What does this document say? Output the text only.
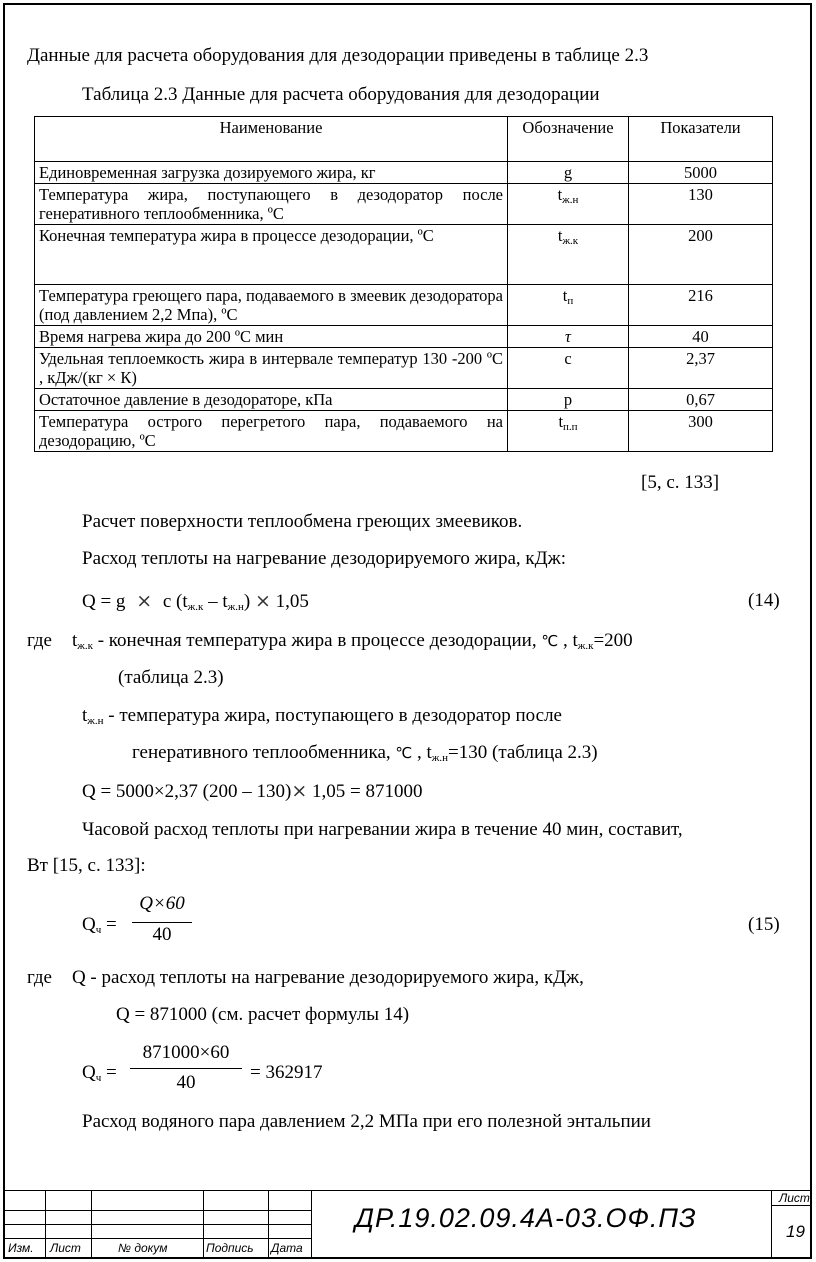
Данные для расчета оборудования для дезодорации приведены в таблице 2.3
Таблица 2.3 Данные для расчета оборудования для дезодорации
Наименование	Обозначение	Показатели
Единовременная загрузка дозируемого жира, кг	g	5000
Температура жира, поступающего в дезодоратор после генеративного теплообменника, ºС	$t_{ж.н}$	130
Конечная температура жира в процессе дезодорации, ºС	$t_{ж.к}$	200
Температура греющего пара, подаваемого в змеевик дезодоратора (под давлением 2,2 Мпа), ºС	$t_п$	216
Время нагрева жира до 200 ºС мин	τ	40
Удельная теплоемкость жира в интервале температур 130 -200 ºС , кДж/(кг × К)	c	2,37
Остаточное давление в дезодораторе, кПа	p	0,67
Температура острого перегретого пара, подаваемого на дезодорацию, ºС	$t_{п.п}$	300
[5, с. 133]
Расчет поверхности теплообмена греющих змеевиков.
Расход теплоты на нагревание дезодорируемого жира, кДж:
Q = g × c $(t_{ж.к} - t_{ж.н}) \times 1,05$	(14)
где $t_{ж.к}$ - конечная температура жира в процессе дезодорации, ℃ , $t_{ж.к}=200$
(таблица 2.3)
$t_{ж.н}$ - температура жира, поступающего в дезодоратор после
генеративного теплообменника, ℃ , $t_{ж.н}=130$ (таблица 2.3)
Q = 5000×2,37 (200 – 130)× 1,05 = 871000
Часовой расход теплоты при нагревании жира в течение 40 мин, составит,
Вт [15, с. 133]:
$Q_ч$ =
Q×60
40	(15)
где Q - расход теплоты на нагревание дезодорируемого жира, кДж,
Q = 871000 (см. расчет формулы 14)
$Q_ч$ =
871000×60
40	= 362917
Расход водяного пара давлением 2,2 МПа при его полезной энтальпии
Изм. Лист	№ докум	Подпись Дата
ДР.19.02.09.4А-03.ОФ.ПЗ
Лист
19
